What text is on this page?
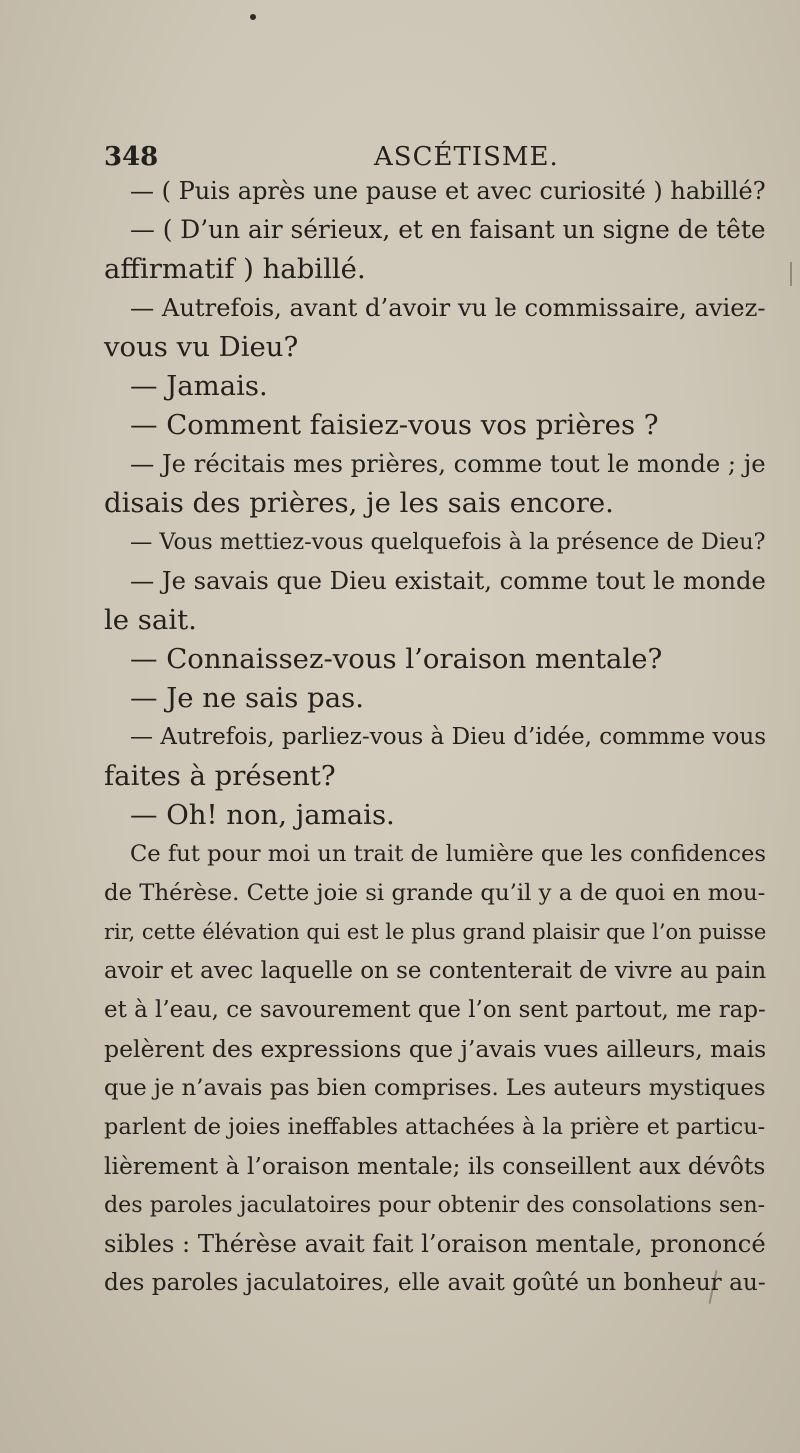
348	ASCÉTISME.
— ( Puis après une pause et avec curiosité ) habillé?
— ( D’un air sérieux, et en faisant un signe de tête
affirmatif ) habillé.
— Autrefois, avant d’avoir vu le commissaire, aviez-
vous vu Dieu?
— Jamais.
— Comment faisiez-vous vos prières ?
— Je récitais mes prières, comme tout le monde ; je
disais des prières, je les sais encore.
— Vous mettiez-vous quelquefois à la présence de Dieu?
— Je savais que Dieu existait, comme tout le monde
le sait.
— Connaissez-vous l’oraison mentale?
— Je ne sais pas.
— Autrefois, parliez-vous à Dieu d’idée, commme vous
faites à présent?
— Oh! non, jamais.
Ce fut pour moi un trait de lumière que les confidences
de Thérèse. Cette joie si grande qu’il y a de quoi en mou-
rir, cette élévation qui est le plus grand plaisir que l’on puisse
avoir et avec laquelle on se contenterait de vivre au pain
et à l’eau, ce savourement que l’on sent partout, me rap-
pelèrent des expressions que j’avais vues ailleurs, mais
que je n’avais pas bien comprises. Les auteurs mystiques
parlent de joies ineffables attachées à la prière et particu-
lièrement à l’oraison mentale; ils conseillent aux dévôts
des paroles jaculatoires pour obtenir des consolations sen-
sibles : Thérèse avait fait l’oraison mentale, prononcé
des paroles jaculatoires, elle avait goûté un bonheur au-
